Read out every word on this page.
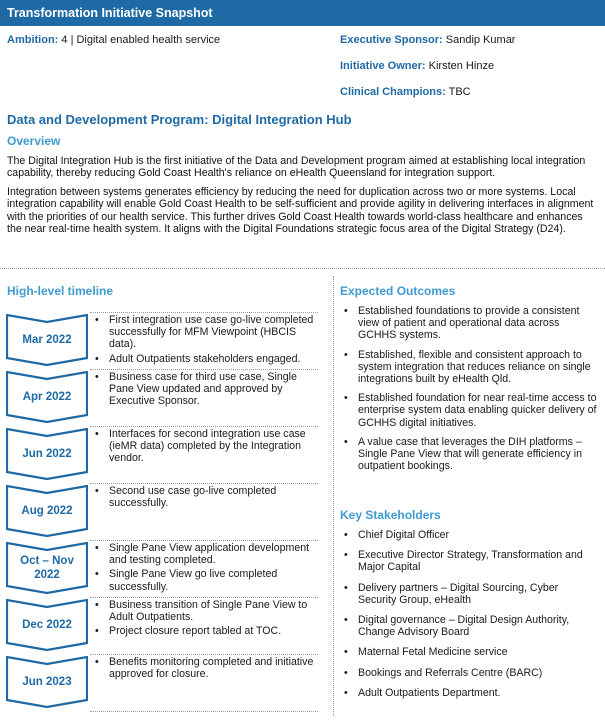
Transformation Initiative Snapshot
Ambition: 4 | Digital enabled health service	Executive Sponsor: Sandip Kumar
Initiative Owner: Kirsten Hinze
Clinical Champions: TBC
Data and Development Program: Digital Integration Hub
Overview

The Digital Integration Hub is the first initiative of the Data and Development program aimed at establishing local integration capability, thereby reducing Gold Coast Health's reliance on eHealth Queensland for integration support.

Integration between systems generates efficiency by reducing the need for duplication across two or more systems. Local integration capability will enable Gold Coast Health to be self-sufficient and provide agility in delivering interfaces in alignment with the priorities of our health service. This further drives Gold Coast Health towards world-class healthcare and enhances the near real-time health system. It aligns with the Digital Foundations strategic focus area of the Digital Strategy (D24).

High-level timeline
Mar 2022
• First integration use case go-live completed successfully for MFM Viewpoint (HBCIS data).
• Adult Outpatients stakeholders engaged.
Apr 2022
• Business case for third use case, Single Pane View updated and approved by Executive Sponsor.
Jun 2022
• Interfaces for second integration use case (ieMR data) completed by the Integration vendor.
Aug 2022
• Second use case go-live completed successfully.
Oct – Nov 2022
• Single Pane View application development and testing completed.
• Single Pane View go live completed successfully.
Dec 2022
• Business transition of Single Pane View to Adult Outpatients.
• Project closure report tabled at TOC.
Jun 2023
• Benefits monitoring completed and initiative approved for closure.
Expected Outcomes
• Established foundations to provide a consistent view of patient and operational data across GCHHS systems.
• Established, flexible and consistent approach to system integration that reduces reliance on single integrations built by eHealth Qld.
• Established foundation for near real-time access to enterprise system data enabling quicker delivery of GCHHS digital initiatives.
• A value case that leverages the DIH platforms – Single Pane View that will generate efficiency in outpatient bookings.
Key Stakeholders
• Chief Digital Officer
• Executive Director Strategy, Transformation and Major Capital
• Delivery partners – Digital Sourcing, Cyber Security Group, eHealth
• Digital governance – Digital Design Authority, Change Advisory Board
• Maternal Fetal Medicine service
• Bookings and Referrals Centre (BARC)
• Adult Outpatients Department.
